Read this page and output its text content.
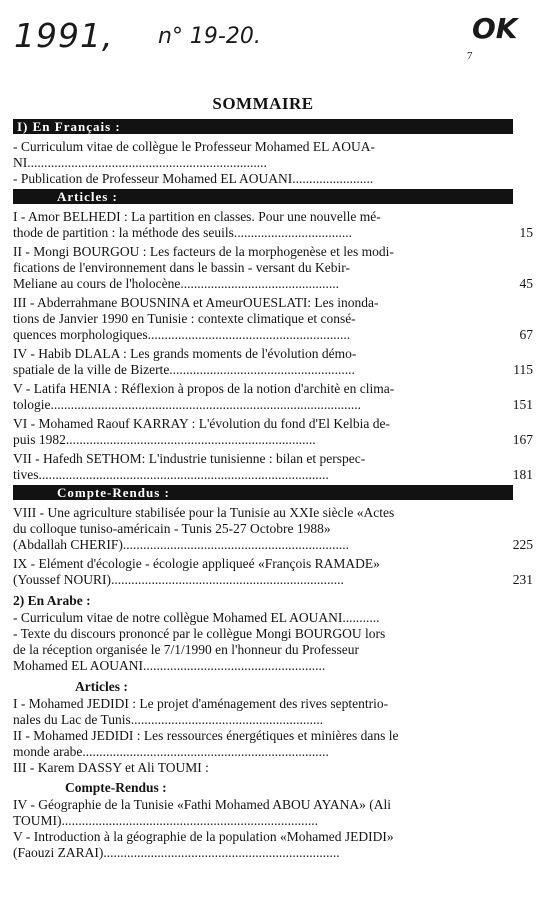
1991, n° 19-20.	OK
7
SOMMAIRE
I) En Français :
- Curriculum vitae de collègue le Professeur Mohamed EL AOUA-
NI.......................................................................
- Publication de Professeur Mohamed EL AOUANI........................
Articles :
I - Amor BELHEDI : La partition en classes. Pour une nouvelle mé-
thode de partition : la méthode des seuils...................................	15
II - Mongi BOURGOU : Les facteurs de la morphogenèse et les modi-
fications de l'environnement dans le bassin - versant du Kebir-
Meliane au cours de l'holocène...............................................	45
III - Abderrahmane BOUSNINA et AmeurOUESLATI: Les inonda-
tions de Janvier 1990 en Tunisie : contexte climatique et consé-
quences morphologiques............................................................	67
IV - Habib DLALA : Les grands moments de l'évolution démo-
spatiale de la ville de Bizerte.......................................................	115
V - Latifa HENIA : Réflexion à propos de la notion d'architè en clima-
tologie............................................................................................	151
VI - Mohamed Raouf KARRAY : L'évolution du fond d'El Kelbia de-
puis 1982..........................................................................	167
VII - Hafedh SETHOM: L'industrie tunisienne : bilan et perspec-
tives......................................................................................	181
Compte-Rendus :
VIII - Une agriculture stabilisée pour la Tunisie au XXIe siècle «Actes
du colloque tuniso-américain - Tunis 25-27 Octobre 1988»
(Abdallah CHERIF)...................................................................	225
IX - Elément d'écologie - écologie appliqueé «François RAMADE»
(Youssef NOURI).....................................................................	231
2) En Arabe :
- Curriculum vitae de notre collègue Mohamed EL AOUANI...........
- Texte du discours prononcé par le collègue Mongi BOURGOU lors
de la réception organisée le 7/1/1990 en l'honneur du Professeur
Mohamed EL AOUANI......................................................
Articles :
I - Mohamed JEDIDI : Le projet d'aménagement des rives septentrio-
nales du Lac de Tunis.........................................................
II - Mohamed JEDIDI : Les ressources énergétiques et minières dans le
monde arabe.........................................................................
III - Karem DASSY et Ali TOUMI :
Compte-Rendus :
IV - Géographie de la Tunisie «Fathi Mohamed ABOU AYANA» (Ali
TOUMI)............................................................................
V - Introduction à la géographie de la population «Mohamed JEDIDI»
(Faouzi ZARAI)......................................................................
